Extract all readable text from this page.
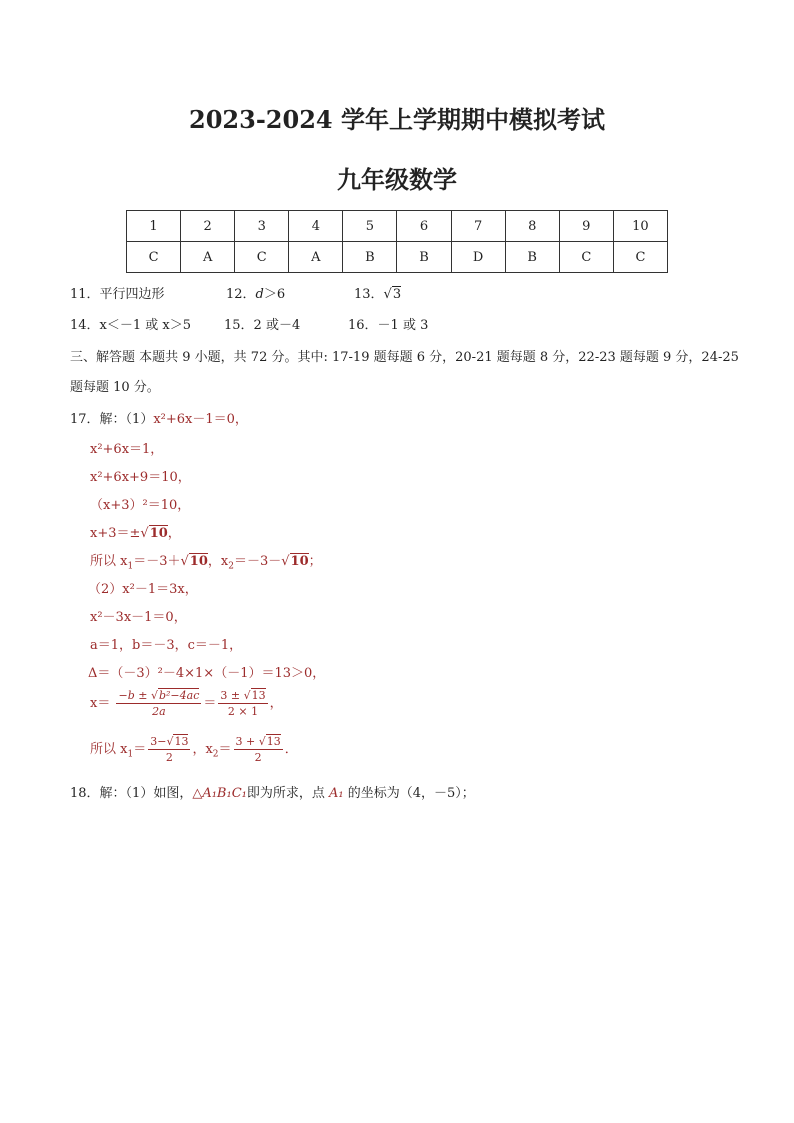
2023-2024 学年上学期期中模拟考试
九年级数学
1	2	3	4	5	6	7	8	9	10
C	A	C	A	B	B	D	B	C	C
11．平行四边形	12．d＞6	13．√3
14．x＜－1 或 x＞5	15．2 或－4	16．－1 或 3
三、解答题 本题共 9 小题，共 72 分。其中: 17-19 题每题 6 分，20-21 题每题 8 分，22-23 题每题 9 分，24-25
题每题 10 分。
17．解：（1）x²+6x－1＝0，
x²+6x＝1，
x²+6x+9＝10，
（x+3）²＝10，
x+3＝±√10，
所以 $x_1=-3+√10$，$x_2=-3-√10$；
（2）x²－1＝3x，
x²－3x－1＝0，
a＝1，b＝－3，c＝－1，
Δ＝（－3）²－4×1×（－1）＝13＞0，
$x= \frac{\text{−b ± √b²−4ac}}{2a} = \frac{3 \pm √13}{2 \times 1}$ ，
所以 $x_1= \frac{3-√13}{2}$ ，$x_2= \frac{3 + √13}{2}$ ．
18．解：（1）如图，△A₁B₁C₁即为所求，点 A₁ 的坐标为（4，－5）；
